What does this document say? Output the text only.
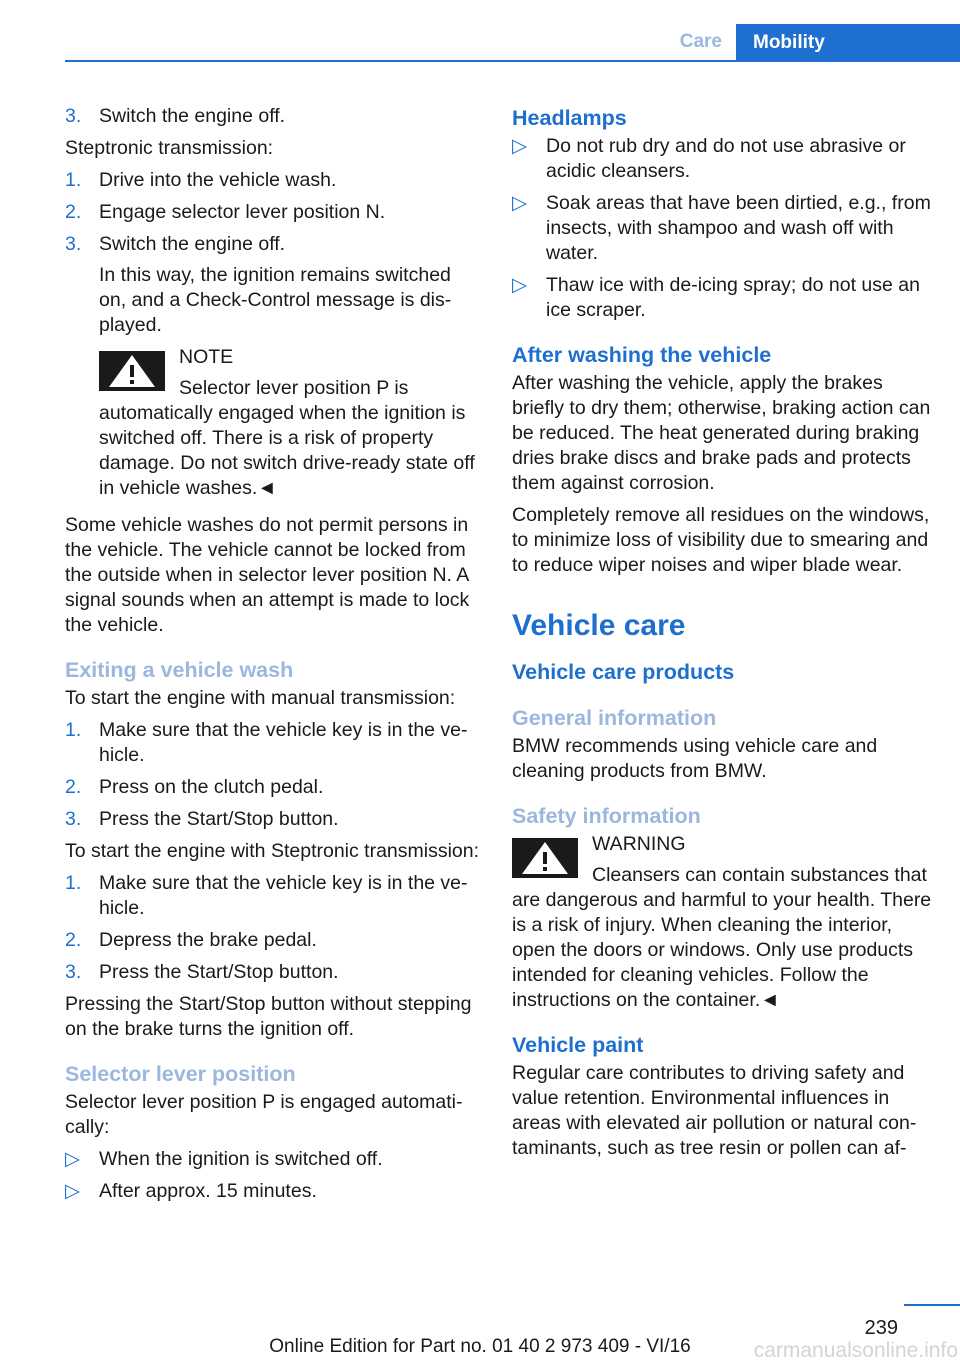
Care	Mobility
3. Switch the engine off.

Steptronic transmission:

1. Drive into the vehicle wash.
2. Engage selector lever position N.
3. Switch the engine off.
In this way, the ignition remains switched on, and a Check-Control message is displayed.
NOTE
Selector lever position P is automatically engaged when the ignition is switched off. There is a risk of property damage. Do not switch drive-ready state off in vehicle washes.◄

Some vehicle washes do not permit persons in the vehicle. The vehicle cannot be locked from the outside when in selector lever position N. A signal sounds when an attempt is made to lock the vehicle.

Exiting a vehicle wash

To start the engine with manual transmission:

1. Make sure that the vehicle key is in the vehicle.
2. Press on the clutch pedal.
3. Press the Start/Stop button.

To start the engine with Steptronic transmission:

1. Make sure that the vehicle key is in the vehicle.
2. Depress the brake pedal.
3. Press the Start/Stop button.

Pressing the Start/Stop button without stepping on the brake turns the ignition off.

Selector lever position

Selector lever position P is engaged automatically:

▷ When the ignition is switched off.
▷ After approx. 15 minutes.
Headlamps
▷ Do not rub dry and do not use abrasive or acidic cleansers.
▷ Soak areas that have been dirtied, e.g., from insects, with shampoo and wash off with water.
▷ Thaw ice with de-icing spray; do not use an ice scraper.
After washing the vehicle

After washing the vehicle, apply the brakes briefly to dry them; otherwise, braking action can be reduced. The heat generated during braking dries brake discs and brake pads and protects them against corrosion.

Completely remove all residues on the windows, to minimize loss of visibility due to smearing and to reduce wiper noises and wiper blade wear.

Vehicle care
Vehicle care products
General information

BMW recommends using vehicle care and cleaning products from BMW.

Safety information
WARNING
Cleansers can contain substances that are dangerous and harmful to your health. There is a risk of injury. When cleaning the interior, open the doors or windows. Only use products intended for cleaning vehicles. Follow the instructions on the container.◄
Vehicle paint

Regular care contributes to driving safety and value retention. Environmental influences in areas with elevated air pollution or natural contaminants, such as tree resin or pollen can af-

239
Online Edition for Part no. 01 40 2 973 409 - VI/16	carmanualsonline.info
